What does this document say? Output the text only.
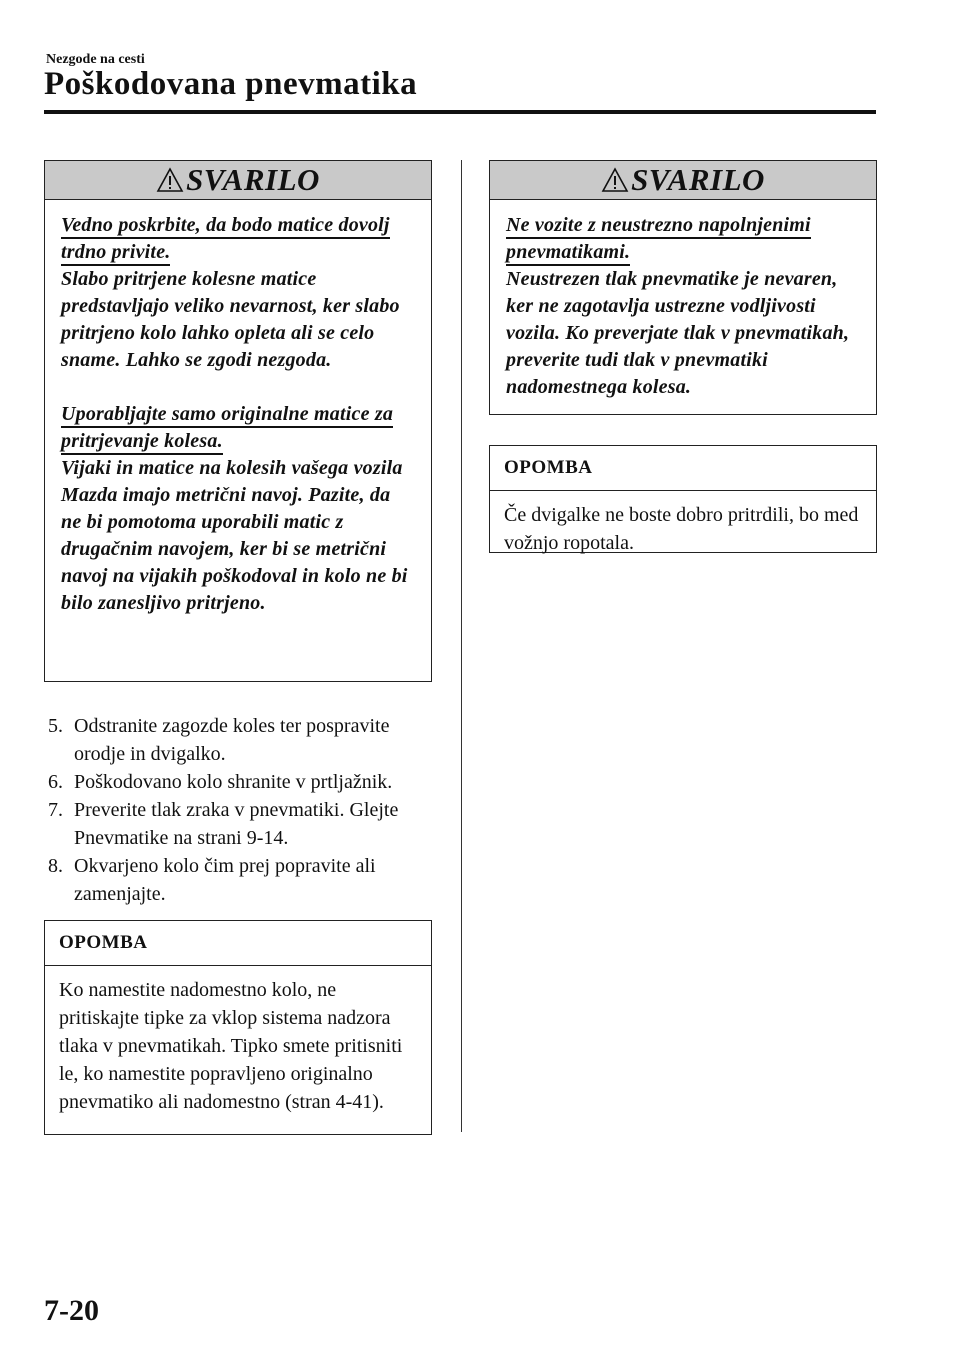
Nezgode na cesti
Poškodovana pnevmatika
SVARILO
Vedno poskrbite, da bodo matice dovolj trdno privite.
Slabo pritrjene kolesne matice predstavljajo veliko nevarnost, ker slabo pritrjeno kolo lahko opleta ali se celo sname. Lahko se zgodi nezgoda.
Uporabljajte samo originalne matice za pritrjevanje kolesa.
Vijaki in matice na kolesih vašega vozila Mazda imajo metrični navoj. Pazite, da ne bi pomotoma uporabili matic z drugačnim navojem, ker bi se metrični navoj na vijakih poškodoval in kolo ne bi bilo zanesljivo pritrjeno.
5. Odstranite zagozde koles ter pospravite orodje in dvigalko.
6. Poškodovano kolo shranite v prtljažnik.
7. Preverite tlak zraka v pnevmatiki. Glejte Pnevmatike na strani 9-14.
8. Okvarjeno kolo čim prej popravite ali zamenjajte.
OPOMBA
Ko namestite nadomestno kolo, ne pritiskajte tipke za vklop sistema nadzora tlaka v pnevmatikah. Tipko smete pritisniti le, ko namestite popravljeno originalno pnevmatiko ali nadomestno (stran 4-41).
SVARILO
Ne vozite z neustrezno napolnjenimi pnevmatikami.
Neustrezen tlak pnevmatike je nevaren, ker ne zagotavlja ustrezne vodljivosti vozila. Ko preverjate tlak v pnevmatikah, preverite tudi tlak v pnevmatiki nadomestnega kolesa.
OPOMBA
Če dvigalke ne boste dobro pritrdili, bo med vožnjo ropotala.
7-20
